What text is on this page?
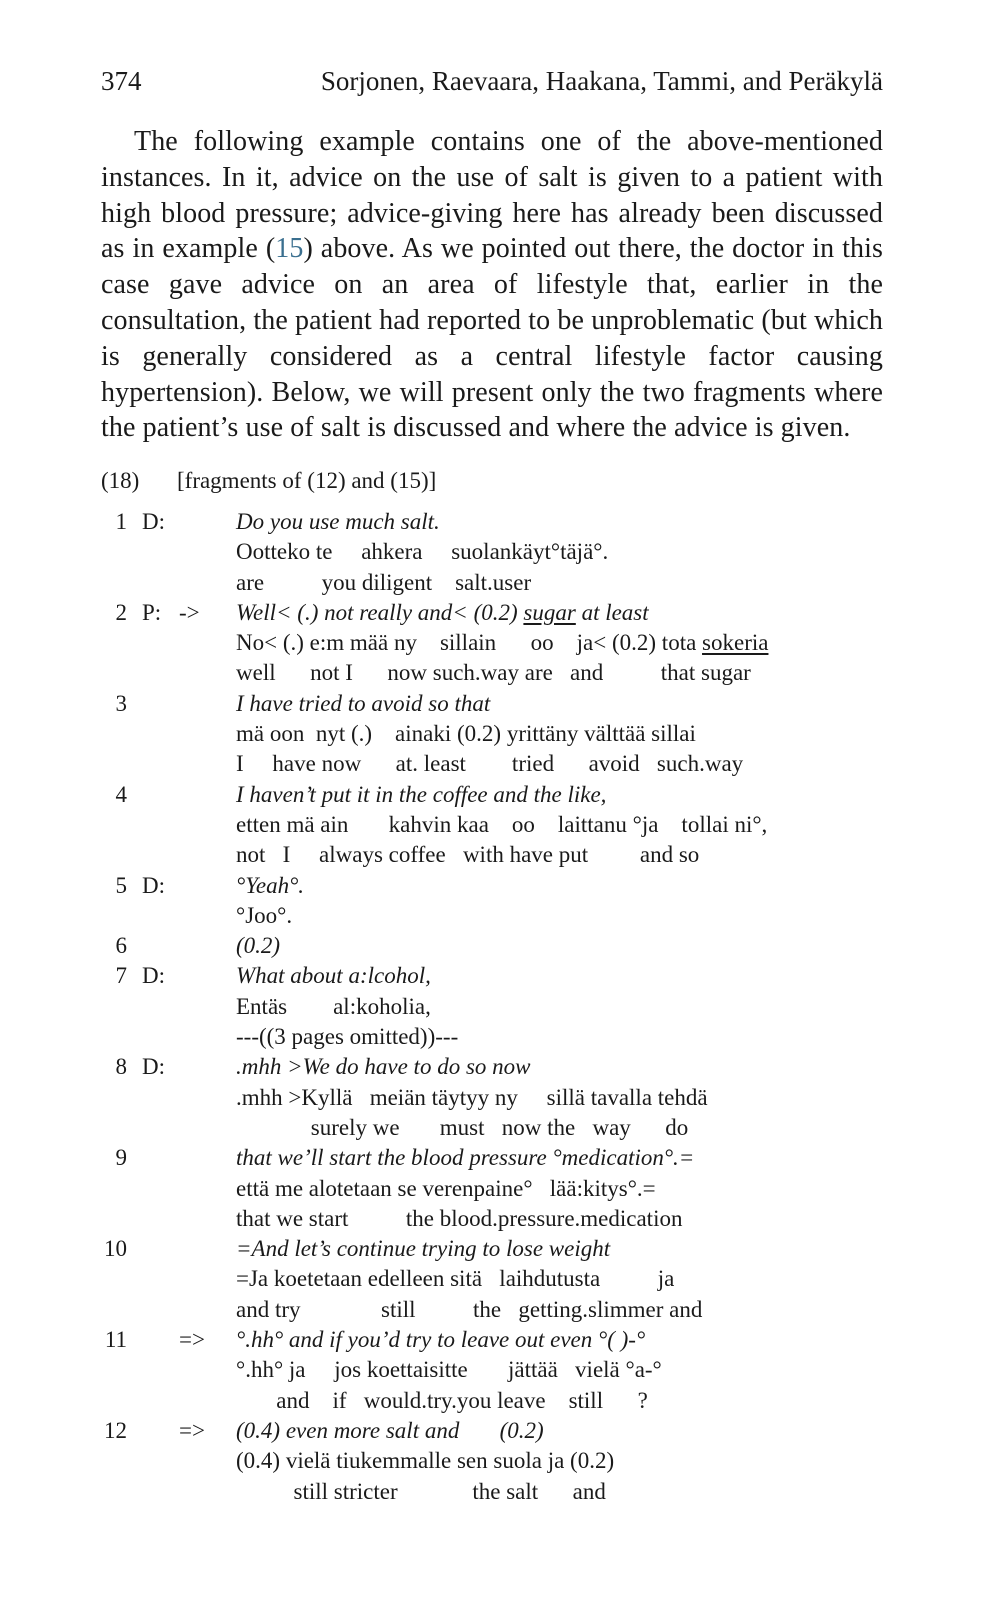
374	Sorjonen, Raevaara, Haakana, Tammi, and Peräkylä

The following example contains one of the above-mentioned instances. In it, advice on the use of salt is given to a patient with high blood pressure; advice-giving here has already been discussed as in example (15) above. As we pointed out there, the doctor in this case gave advice on an area of lifestyle that, earlier in the consultation, the patient had reported to be unproblematic (but which is generally considered as a central lifestyle factor causing hypertension). Below, we will present only the two fragments where the patient’s use of salt is discussed and where the advice is given.

(18) [fragments of (12) and (15)]
1 D:	Do you use much salt.
Ootteko te     ahkera     suolankäyt°täjä°.
are          you diligent    salt.user
2 P: -> Well< (.) not really and< (0.2) sugar at least
No< (.) e:m mää ny    sillain      oo    ja< (0.2) tota sokeria
well      not I      now such.way are   and          that sugar
3	I have tried to avoid so that
mä oon  nyt (.)    ainaki (0.2) yrittäny välttää sillai
I     have now      at. least        tried      avoid   such.way
4	I haven’t put it in the coffee and the like,
etten mä ain       kahvin kaa    oo    laittanu °ja    tollai ni°,
not   I     always coffee   with have put         and so
5 D:	°Yeah°.
°Joo°.
6	(0.2)
7 D:	What about a:lcohol,
Entäs        al:koholia,
---((3 pages omitted))---
8 D:	.mhh >We do have to do so now
.mhh >Kyllä   meiän täytyy ny     sillä tavalla tehdä
surely we       must   now the   way      do
9	that we’ll start the blood pressure °medication°.=
että me alotetaan se verenpaine°   lää:kitys°.=
that we start          the blood.pressure.medication
10	=And let’s continue trying to lose weight
=Ja koetetaan edelleen sitä   laihdutusta          ja
and try              still          the   getting.slimmer and
11 => °.hh° and if you’d try to leave out even °( )-°
°.hh° ja     jos koettaisitte       jättää   vielä °a-°
and    if   would.try.you leave    still      ?
12 => (0.4) even more salt and       (0.2)
(0.4) vielä tiukemmalle sen suola ja (0.2)
still stricter             the salt      and
